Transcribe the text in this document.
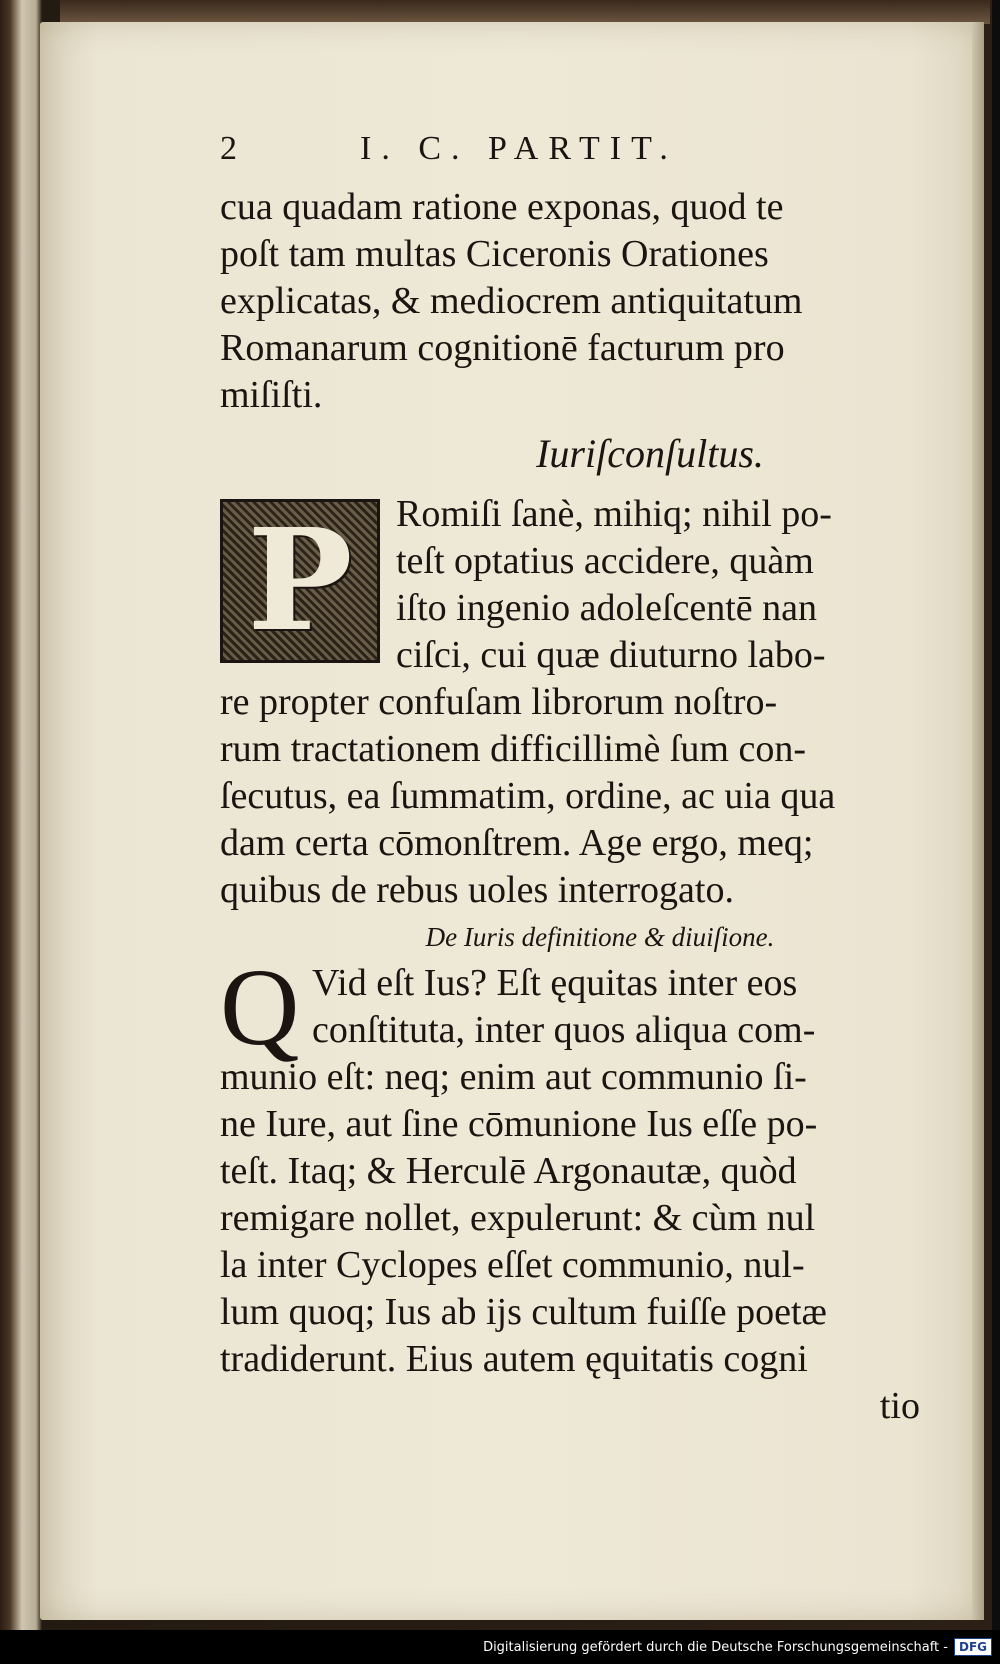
2	I. C. PARTIT.
cua quadam ratione exponas, quod te
poſt tam multas Ciceronis Orationes
explicatas, & mediocrem antiquitatum
Romanarum cognitionē facturum pro
miſiſti.
Iuriſconſultus.
P	Romiſi ſanè, mihiq; nihil po-
teſt optatius accidere, quàm
iſto ingenio adoleſcentē nan
ciſci, cui quæ diuturno labo-
re propter confuſam librorum noſtro-
rum tractationem difficillimè ſum con-
ſecutus, ea ſummatim, ordine, ac uia qua
dam certa cōmonſtrem. Age ergo, meq;
quibus de rebus uoles interrogato.
De Iuris definitione & diuiſione.
Q Vid eſt Ius? Eſt ęquitas inter eos
conſtituta, inter quos aliqua com-
munio eſt: neq; enim aut communio ſi-
ne Iure, aut ſine cōmunione Ius eſſe po-
teſt. Itaq; & Herculē Argonautæ, quòd
remigare nollet, expulerunt: & cùm nul
la inter Cyclopes eſſet communio, nul-
lum quoq; Ius ab ijs cultum fuiſſe poetæ
tradiderunt. Eius autem ęquitatis cogni
tio
Digitalisierung gefördert durch die Deutsche Forschungsgemeinschaft - DFG
